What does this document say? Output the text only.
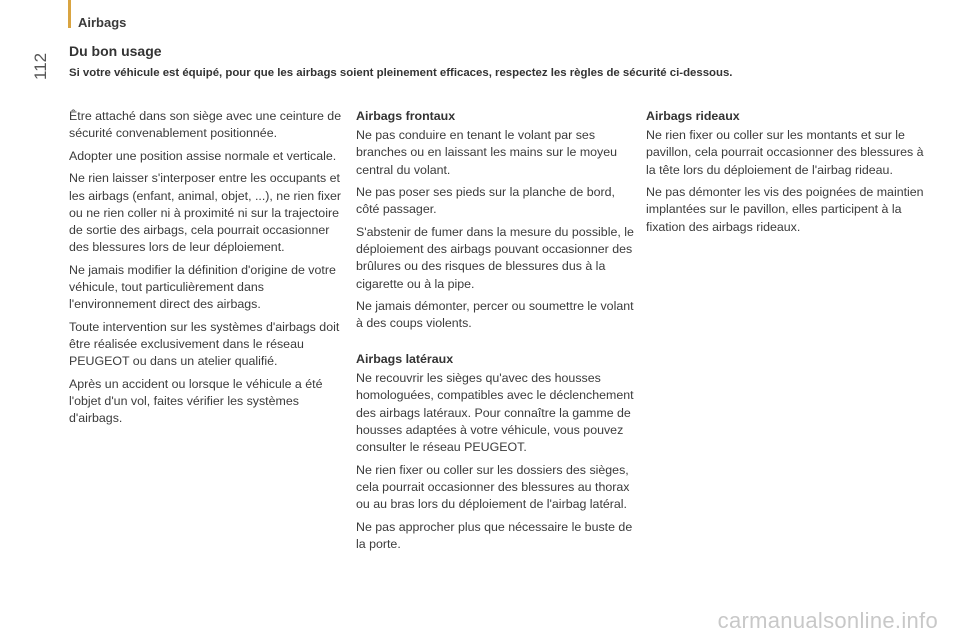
Airbags
112
Du bon usage
Si votre véhicule est équipé, pour que les airbags soient pleinement efficaces, respectez les règles de sécurité ci-dessous.

Être attaché dans son siège avec une ceinture de sécurité convenablement positionnée.

Adopter une position assise normale et verticale.

Ne rien laisser s'interposer entre les occupants et les airbags (enfant, animal, objet, ...), ne rien fixer ou ne rien coller ni à proximité ni sur la trajectoire de sortie des airbags, cela pourrait occasionner des blessures lors de leur déploiement.

Ne jamais modifier la définition d'origine de votre véhicule, tout particulièrement dans l'environnement direct des airbags.

Toute intervention sur les systèmes d'airbags doit être réalisée exclusivement dans le réseau PEUGEOT ou dans un atelier qualifié.

Après un accident ou lorsque le véhicule a été l'objet d'un vol, faites vérifier les systèmes d'airbags.

Airbags frontaux

Ne pas conduire en tenant le volant par ses branches ou en laissant les mains sur le moyeu central du volant.

Ne pas poser ses pieds sur la planche de bord, côté passager.

S'abstenir de fumer dans la mesure du possible, le déploiement des airbags pouvant occasionner des brûlures ou des risques de blessures dus à la cigarette ou à la pipe.

Ne jamais démonter, percer ou soumettre le volant à des coups violents.

Airbags latéraux

Ne recouvrir les sièges qu'avec des housses homologuées, compatibles avec le déclenchement des airbags latéraux. Pour connaître la gamme de housses adaptées à votre véhicule, vous pouvez consulter le réseau PEUGEOT.

Ne rien fixer ou coller sur les dossiers des sièges, cela pourrait occasionner des blessures au thorax ou au bras lors du déploiement de l'airbag latéral.

Ne pas approcher plus que nécessaire le buste de la porte.

Airbags rideaux

Ne rien fixer ou coller sur les montants et sur le pavillon, cela pourrait occasionner des blessures à la tête lors du déploiement de l'airbag rideau.

Ne pas démonter les vis des poignées de maintien implantées sur le pavillon, elles participent à la fixation des airbags rideaux.

carmanualsonline.info
